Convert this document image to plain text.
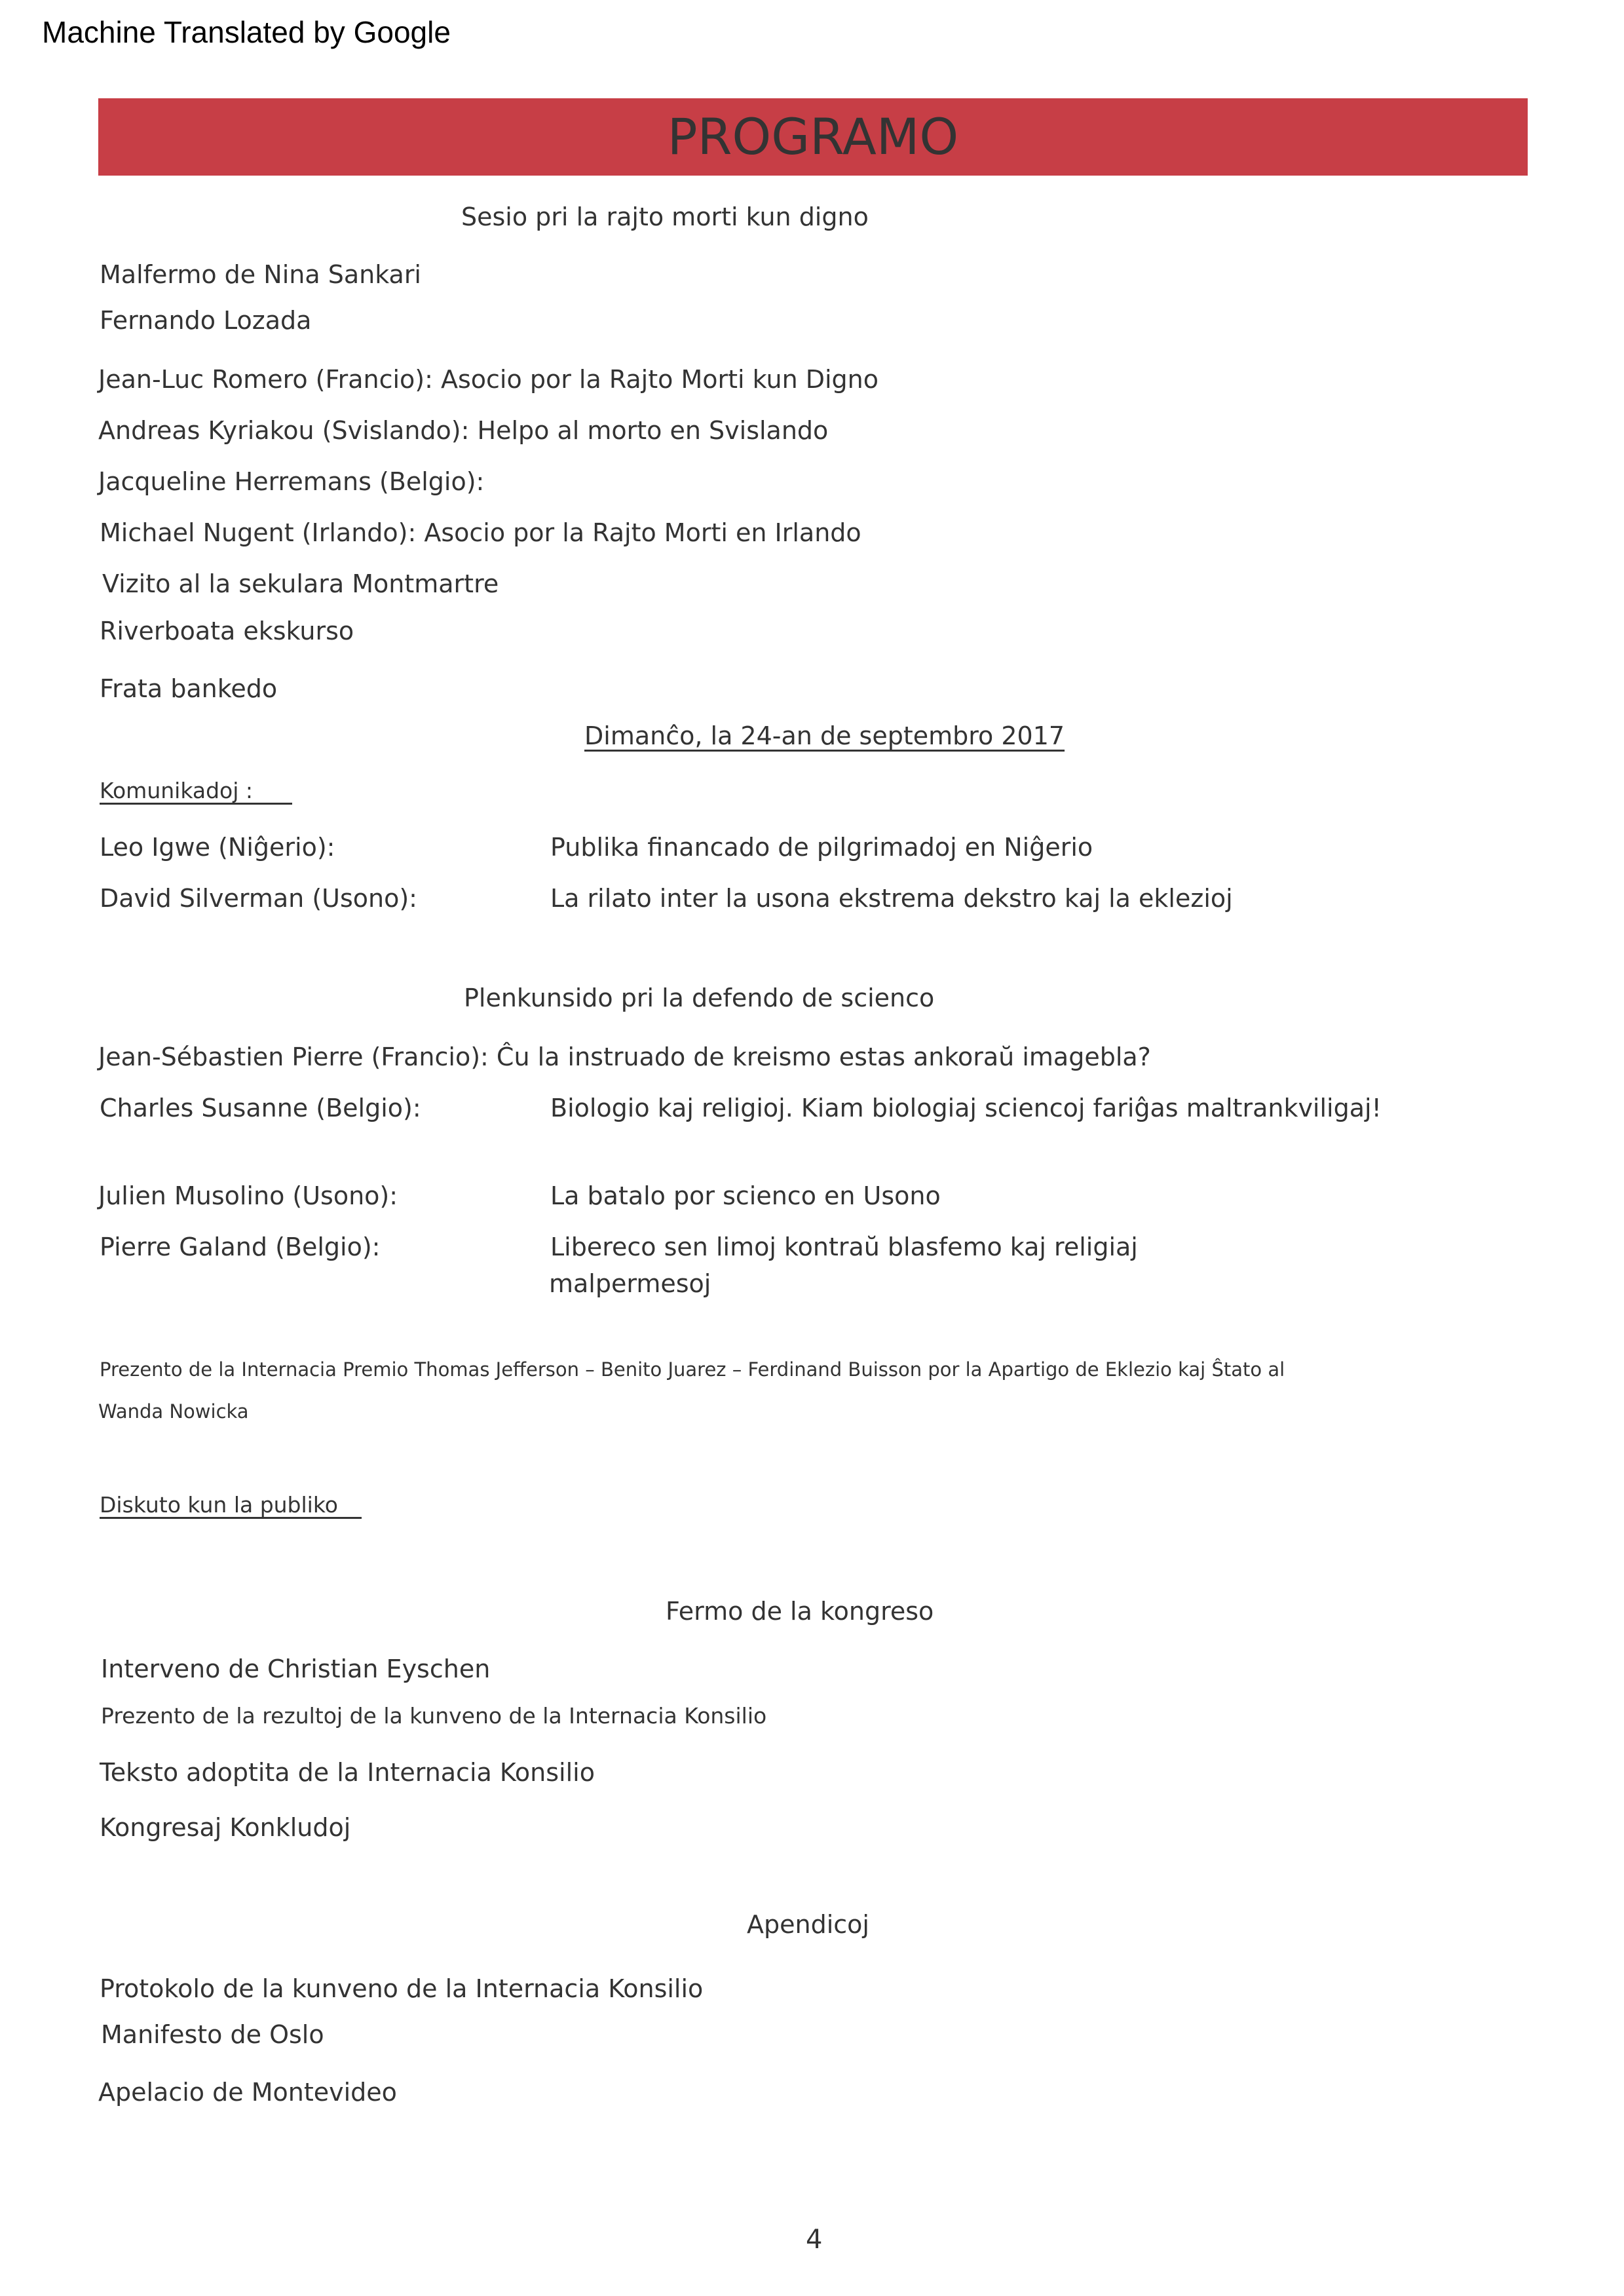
Machine Translated by Google
PROGRAMO
Sesio pri la rajto morti kun digno
Malfermo de Nina Sankari
Fernando Lozada
Jean-Luc Romero (Francio): Asocio por la Rajto Morti kun Digno
Andreas Kyriakou (Svislando): Helpo al morto en Svislando
Jacqueline Herremans (Belgio):
Michael Nugent (Irlando): Asocio por la Rajto Morti en Irlando
Vizito al la sekulara Montmartre
Riverboata ekskurso
Frata bankedo
Dimanĉo, la 24-an de septembro 2017
Komunikadoj :
Leo Igwe (Niĝerio):	Publika financado de pilgrimadoj en Niĝerio
David Silverman (Usono):	La rilato inter la usona ekstrema dekstro kaj la eklezioj
Plenkunsido pri la defendo de scienco
Jean-Sébastien Pierre (Francio): Ĉu la instruado de kreismo estas ankoraŭ imagebla?
Charles Susanne (Belgio):	Biologio kaj religioj. Kiam biologiaj sciencoj fariĝas maltrankviligaj!
Julien Musolino (Usono):	La batalo por scienco en Usono
Pierre Galand (Belgio):	Libereco sen limoj kontraŭ blasfemo kaj religiaj
malpermesoj
Prezento de la Internacia Premio Thomas Jefferson – Benito Juarez – Ferdinand Buisson por la Apartigo de Eklezio kaj Ŝtato al
Wanda Nowicka
Diskuto kun la publiko
Fermo de la kongreso
Interveno de Christian Eyschen
Prezento de la rezultoj de la kunveno de la Internacia Konsilio
Teksto adoptita de la Internacia Konsilio
Kongresaj Konkludoj
Apendicoj
Protokolo de la kunveno de la Internacia Konsilio
Manifesto de Oslo
Apelacio de Montevideo
4
